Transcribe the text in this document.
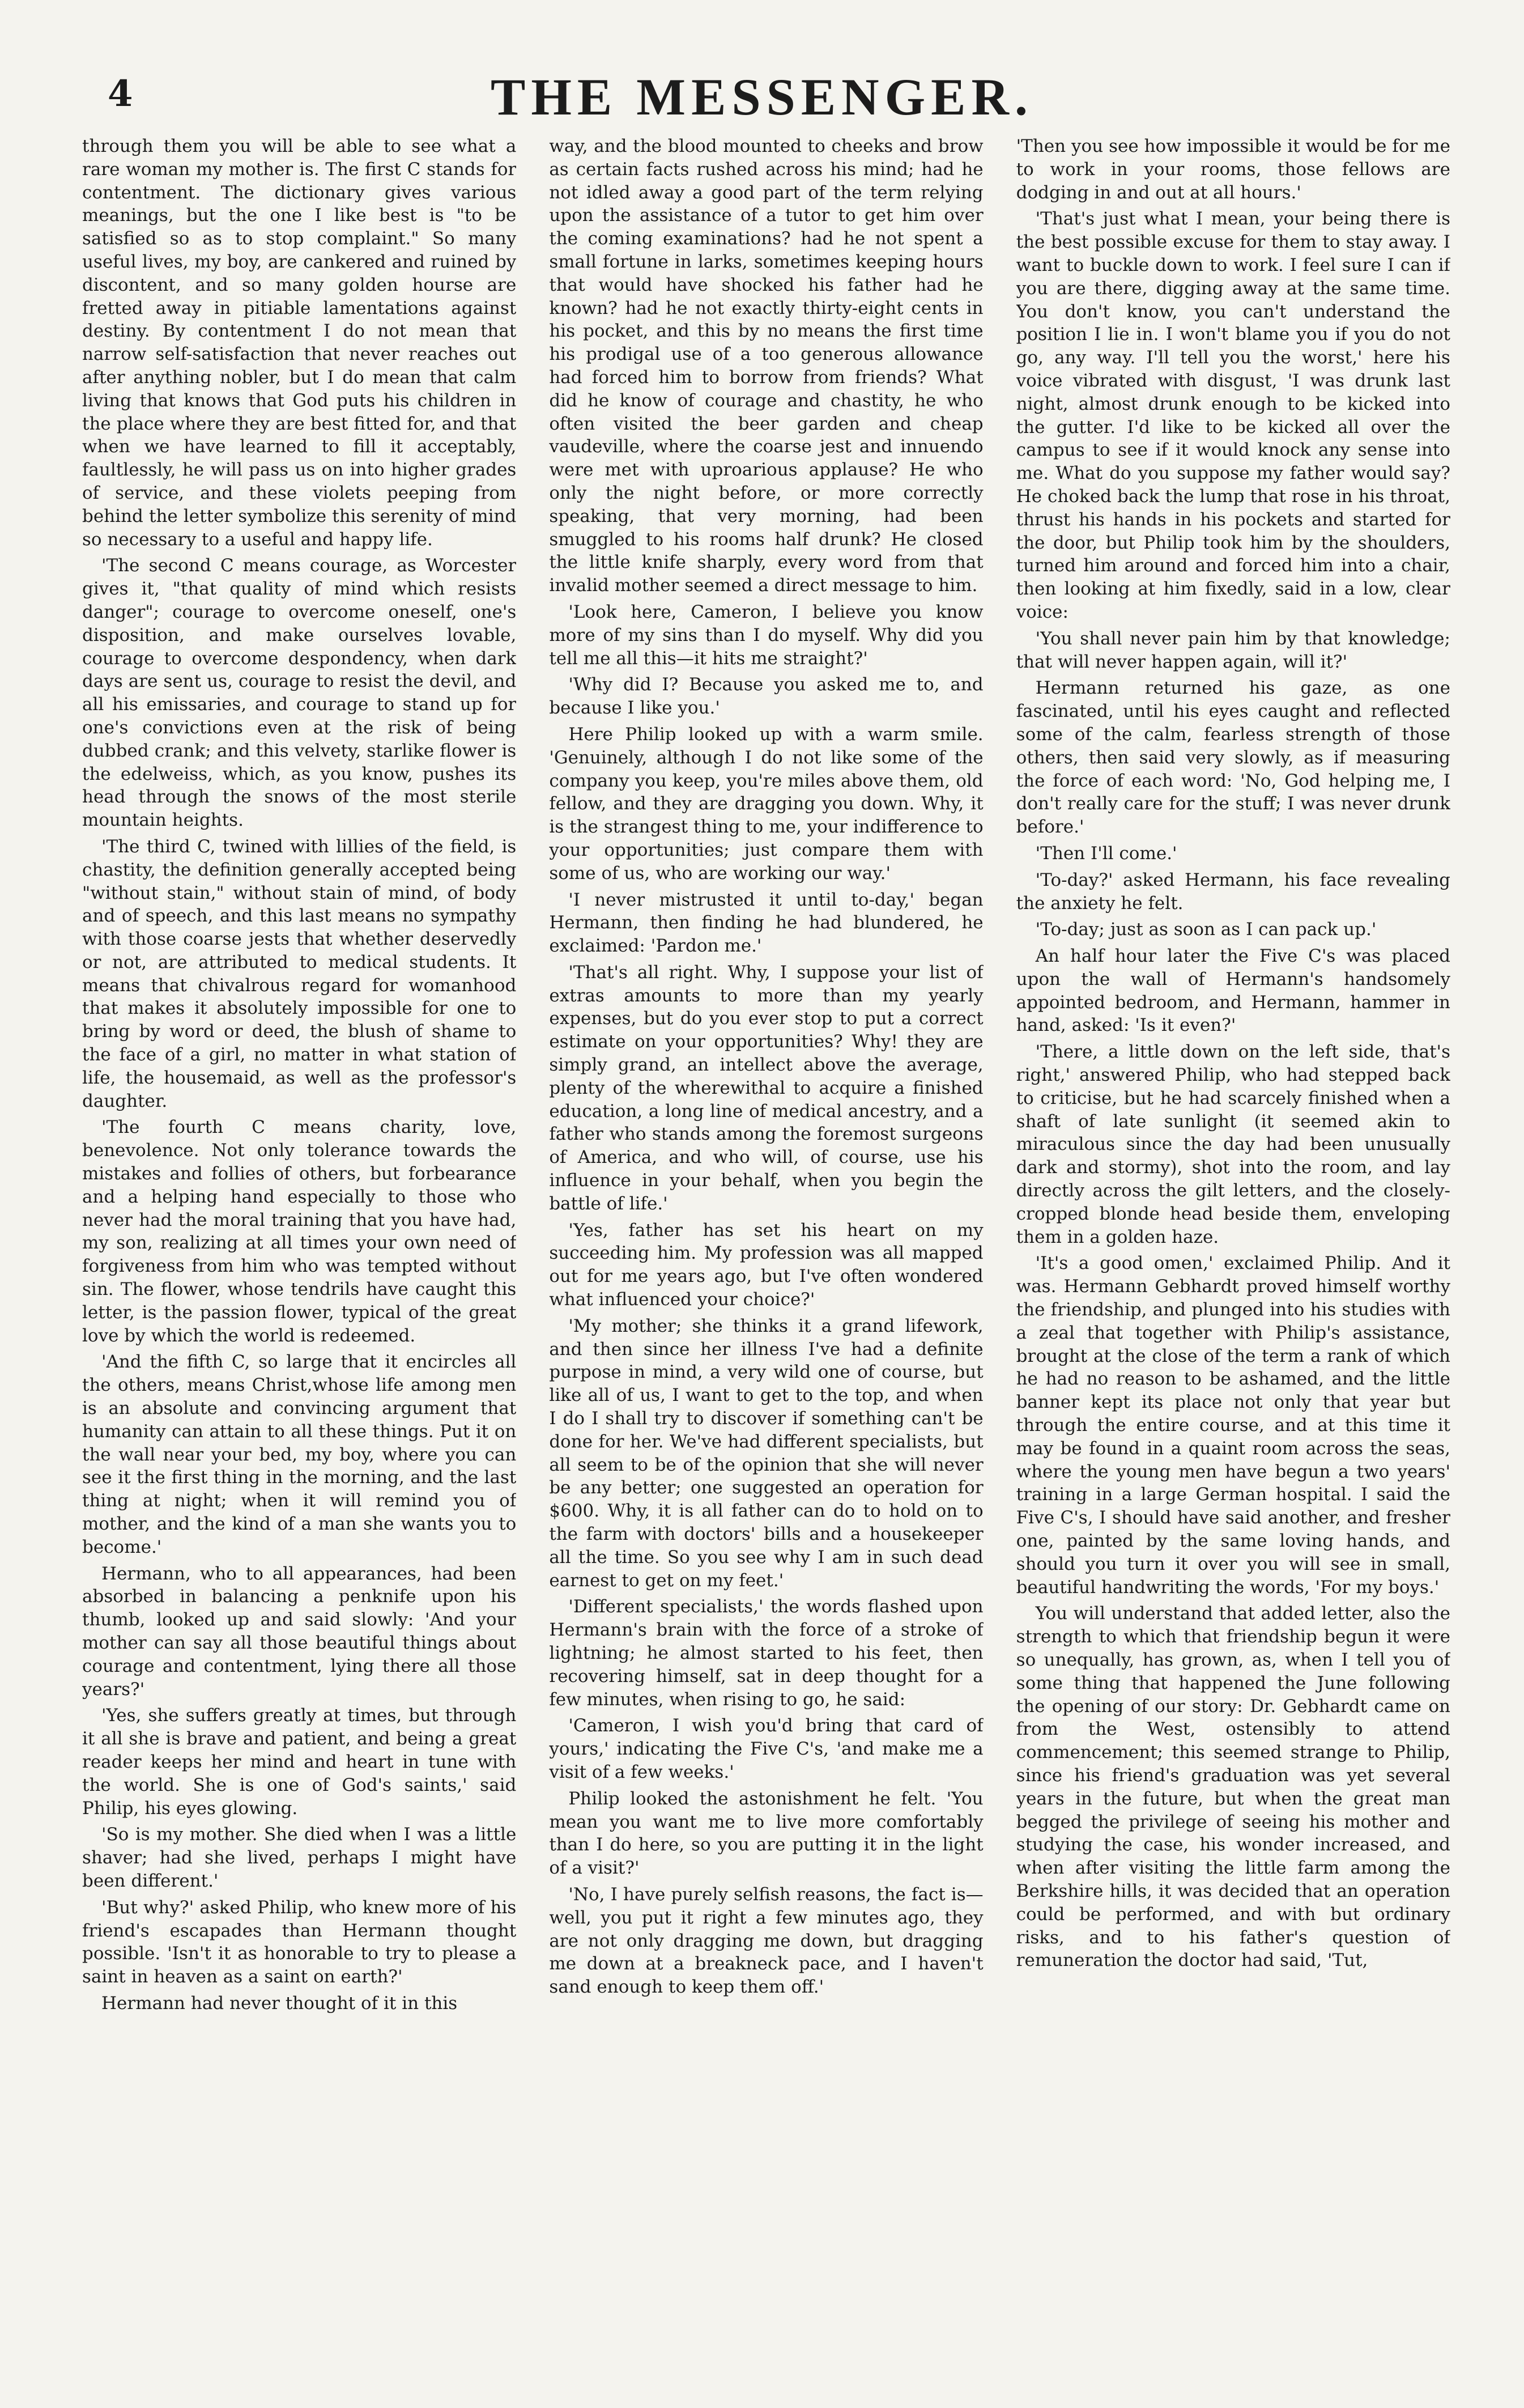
4	THE MESSENGER.

through them you will be able to see what a rare woman my mother is. The first C stands for contentment. The dictionary gives various meanings, but the one I like best is "to be satisfied so as to stop complaint." So many useful lives, my boy, are cankered and ruined by discontent, and so many golden hourse are fretted away in pitiable lamentations against destiny. By contentment I do not mean that narrow self-satisfaction that never reaches out after anything nobler, but I do mean that calm living that knows that God puts his children in the place where they are best fitted for, and that when we have learned to fill it acceptably, faultlessly, he will pass us on into higher grades of service, and these violets peeping from behind the letter symbolize this serenity of mind so necessary to a useful and happy life.

'The second C means courage, as Worcester gives it, "that quality of mind which resists danger"; courage to overcome oneself, one's disposition, and make ourselves lovable, courage to overcome despondency, when dark days are sent us, courage to resist the devil, and all his emissaries, and courage to stand up for one's convictions even at the risk of being dubbed crank; and this velvety, starlike flower is the edelweiss, which, as you know, pushes its head through the snows of the most sterile mountain heights.

'The third C, twined with lillies of the field, is chastity, the definition generally accepted being "without stain," without stain of mind, of body and of speech, and this last means no sympathy with those coarse jests that whether deservedly or not, are attributed to medical students. It means that chivalrous regard for womanhood that makes it absolutely impossible for one to bring by word or deed, the blush of shame to the face of a girl, no matter in what station of life, the housemaid, as well as the professor's daughter.

'The fourth C means charity, love, benevolence. Not only tolerance towards the mistakes and follies of others, but forbearance and a helping hand especially to those who never had the moral training that you have had, my son, realizing at all times your own need of forgiveness from him who was tempted without sin. The flower, whose tendrils have caught this letter, is the passion flower, typical of the great love by which the world is redeemed.

'And the fifth C, so large that it encircles all the others, means Christ,whose life among men is an absolute and convincing argument that humanity can attain to all these things. Put it on the wall near your bed, my boy, where you can see it the first thing in the morning, and the last thing at night; when it will remind you of mother, and the kind of a man she wants you to become.'

Hermann, who to all appearances, had been absorbed in balancing a penknife upon his thumb, looked up and said slowly: 'And your mother can say all those beautiful things about courage and contentment, lying there all those years?'

'Yes, she suffers greatly at times, but through it all she is brave and patient, and being a great reader keeps her mind and heart in tune with the world. She is one of God's saints,' said Philip, his eyes glowing.

'So is my mother. She died when I was a little shaver; had she lived, perhaps I might have been different.'

'But why?' asked Philip, who knew more of his friend's escapades than Hermann thought possible. 'Isn't it as honorable to try to please a saint in heaven as a saint on earth?'

Hermann had never thought of it in this

way, and the blood mounted to cheeks and brow as certain facts rushed across his mind; had he not idled away a good part of the term relying upon the assistance of a tutor to get him over the coming examinations? had he not spent a small fortune in larks, sometimes keeping hours that would have shocked his father had he known? had he not exactly thirty-eight cents in his pocket, and this by no means the first time his prodigal use of a too generous allowance had forced him to borrow from friends? What did he know of courage and chastity, he who often visited the beer garden and cheap vaudeville, where the coarse jest and innuendo were met with uproarious applause? He who only the night before, or more correctly speaking, that very morning, had been smuggled to his rooms half drunk? He closed the little knife sharply, every word from that invalid mother seemed a direct message to him.

'Look here, Cameron, I believe you know more of my sins than I do myself. Why did you tell me all this—it hits me straight?'

'Why did I? Because you asked me to, and because I like you.'

Here Philip looked up with a warm smile. 'Genuinely, although I do not like some of the company you keep, you're miles above them, old fellow, and they are dragging you down. Why, it is the strangest thing to me, your indifference to your opportunities; just compare them with some of us, who are working our way.'

'I never mistrusted it until to-day,' began Hermann, then finding he had blundered, he exclaimed: 'Pardon me.'

'That's all right. Why, I suppose your list of extras amounts to more than my yearly expenses, but do you ever stop to put a correct estimate on your opportunities? Why! they are simply grand, an intellect above the average, plenty of the wherewithal to acquire a finished education, a long line of medical ancestry, and a father who stands among the foremost surgeons of America, and who will, of course, use his influence in your behalf, when you begin the battle of life.'

'Yes, father has set his heart on my succeeding him. My profession was all mapped out for me years ago, but I've often wondered what influenced your choice?'

'My mother; she thinks it a grand lifework, and then since her illness I've had a definite purpose in mind, a very wild one of course, but like all of us, I want to get to the top, and when I do I shall try to discover if something can't be done for her. We've had different specialists, but all seem to be of the opinion that she will never be any better; one suggested an operation for $600. Why, it is all father can do to hold on to the farm with doctors' bills and a housekeeper all the time. So you see why I am in such dead earnest to get on my feet.'

'Different specialists,' the words flashed upon Hermann's brain with the force of a stroke of lightning; he almost started to his feet, then recovering himself, sat in deep thought for a few minutes, when rising to go, he said:

'Cameron, I wish you'd bring that card of yours,' indicating the Five C's, 'and make me a visit of a few weeks.'

Philip looked the astonishment he felt. 'You mean you want me to live more comfortably than I do here, so you are putting it in the light of a visit?'

'No, I have purely selfish reasons, the fact is—well, you put it right a few minutes ago, they are not only dragging me down, but dragging me down at a breakneck pace, and I haven't sand enough to keep them off.'

'Then you see how impossible it would be for me to work in your rooms, those fellows are dodging in and out at all hours.'

'That's just what I mean, your being there is the best possible excuse for them to stay away. I want to buckle down to work. I feel sure I can if you are there, digging away at the same time. You don't know, you can't understand the position I lie in. I won't blame you if you do not go, any way. I'll tell you the worst,' here his voice vibrated with disgust, 'I was drunk last night, almost drunk enough to be kicked into the gutter. I'd like to be kicked all over the campus to see if it would knock any sense into me. What do you suppose my father would say? He choked back the lump that rose in his throat, thrust his hands in his pockets and started for the door, but Philip took him by the shoulders, turned him around and forced him into a chair, then looking at him fixedly, said in a low, clear voice:

'You shall never pain him by that knowledge; that will never happen again, will it?'

Hermann returned his gaze, as one fascinated, until his eyes caught and reflected some of the calm, fearless strength of those others, then said very slowly, as if measuring the force of each word: 'No, God helping me, I don't really care for the stuff; I was never drunk before.'

'Then I'll come.'

'To-day?' asked Hermann, his face revealing the anxiety he felt.

'To-day; just as soon as I can pack up.'

An half hour later the Five C's was placed upon the wall of Hermann's handsomely appointed bedroom, and Hermann, hammer in hand, asked: 'Is it even?'

'There, a little down on the left side, that's right,' answered Philip, who had stepped back to criticise, but he had scarcely finished when a shaft of late sunlight (it seemed akin to miraculous since the day had been unusually dark and stormy), shot into the room, and lay directly across the gilt letters, and the closely-cropped blonde head beside them, enveloping them in a golden haze.

'It's a good omen,' exclaimed Philip. And it was. Hermann Gebhardt proved himself worthy the friendship, and plunged into his studies with a zeal that together with Philip's assistance, brought at the close of the term a rank of which he had no reason to be ashamed, and the little banner kept its place not only that year but through the entire course, and at this time it may be found in a quaint room across the seas, where the young men have begun a two years' training in a large German hospital. I said the Five C's, I should have said another, and fresher one, painted by the same loving hands, and should you turn it over you will see in small, beautiful handwriting the words, 'For my boys.'

You will understand that added letter, also the strength to which that friendship begun it were so unequally, has grown, as, when I tell you of some thing that happened the June following the opening of our story: Dr. Gebhardt came on from the West, ostensibly to attend commencement; this seemed strange to Philip, since his friend's graduation was yet several years in the future, but when the great man begged the privilege of seeing his mother and studying the case, his wonder increased, and when after visiting the little farm among the Berkshire hills, it was decided that an operation could be performed, and with but ordinary risks, and to his father's question of remuneration the doctor had said, 'Tut,
